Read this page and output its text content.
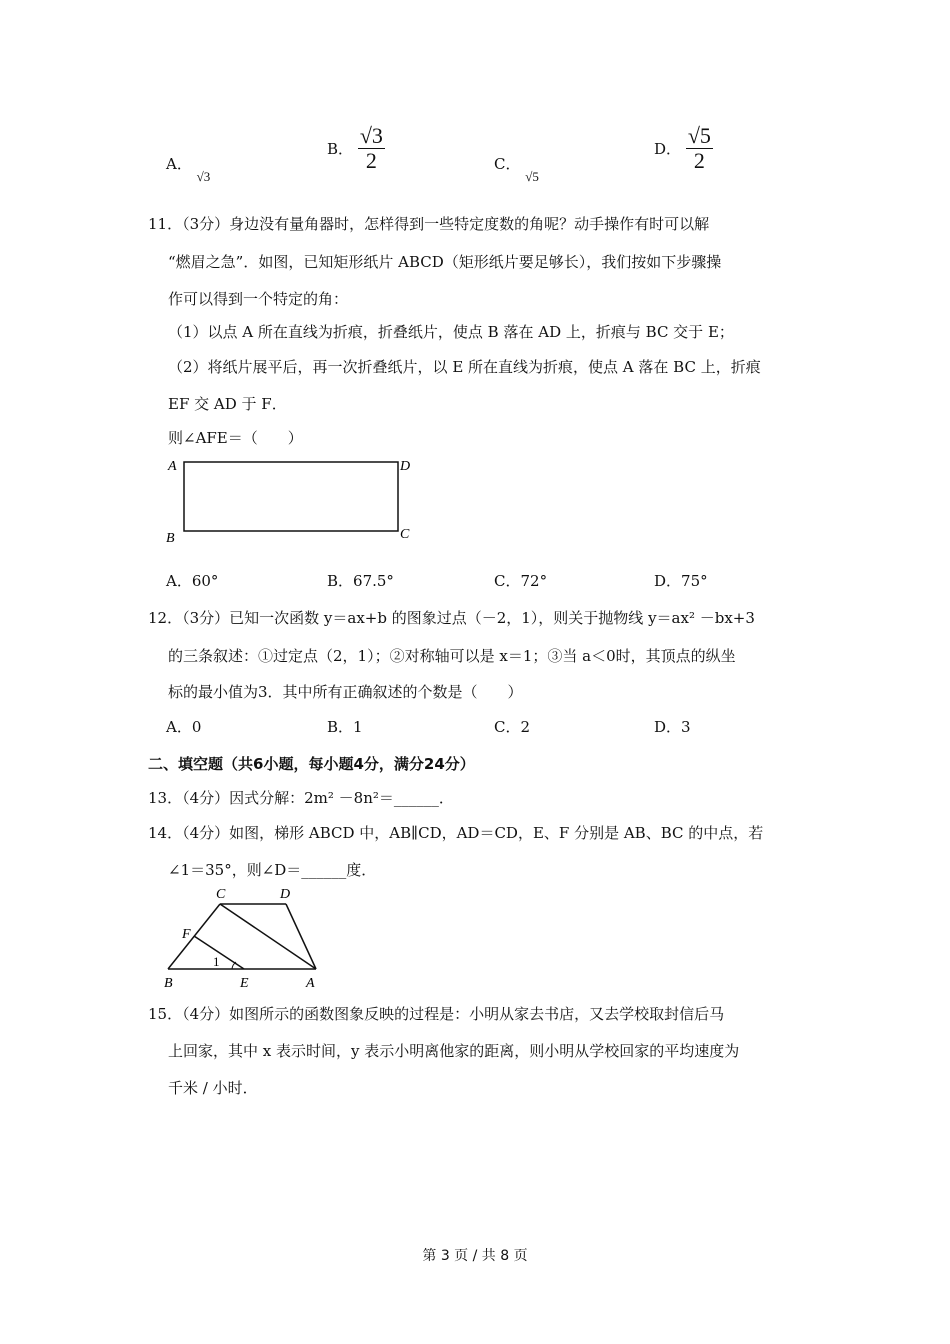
A． √3
B． $\frac{√3}{2}$	C． √5
D． $\frac{√5}{2}$
11．（3分）身边没有量角器时，怎样得到一些特定度数的角呢？动手操作有时可以解
“燃眉之急”．如图，已知矩形纸片 ABCD（矩形纸片要足够长），我们按如下步骤操
作可以得到一个特定的角：
（1）以点 A 所在直线为折痕，折叠纸片，使点 B 落在 AD 上，折痕与 BC 交于 E；
（2）将纸片展平后，再一次折叠纸片，以 E 所在直线为折痕，使点 A 落在 BC 上，折痕
EF 交 AD 于 F．
则∠AFE＝（　　）
A	D
B	C
A．60°	B．67.5°	C．72°	D．75°
12．（3分）已知一次函数 y＝ax+b 的图象过点（－2，1），则关于抛物线 y＝ax² －bx+3
的三条叙述：①过定点（2，1）；②对称轴可以是 x＝1；③当 a＜0时，其顶点的纵坐
标的最小值为3．其中所有正确叙述的个数是（　　）
A．0	B．1	C．2	D．3
二、填空题（共6小题，每小题4分，满分24分）
13．（4分）因式分解：2m² －8n²＝______．
14．（4分）如图，梯形 ABCD 中，AB∥CD，AD＝CD，E、F 分别是 AB、BC 的中点，若
∠1＝35°，则∠D＝______度．
C	D
F
B	E	A
1
15．（4分）如图所示的函数图象反映的过程是：小明从家去书店，又去学校取封信后马
上回家，其中 x 表示时间，y 表示小明离他家的距离，则小明从学校回家的平均速度为
千米 / 小时．
第 3 页 / 共 8 页
